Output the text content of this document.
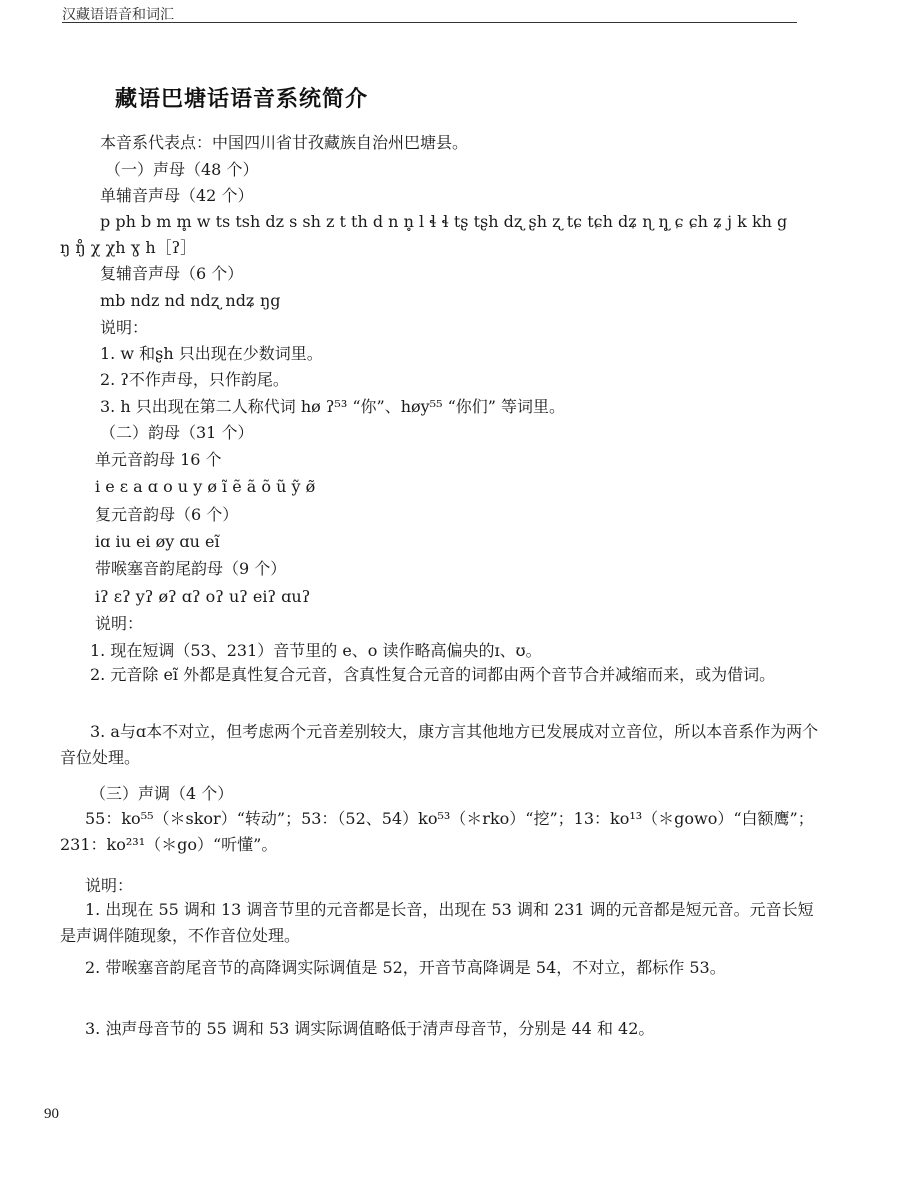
汉藏语语音和词汇
藏语巴塘话语音系统简介
本音系代表点：中国四川省甘孜藏族自治州巴塘县。
（一）声母（48 个）
单辅音声母（42 个）
p ph b m m̥ w ts tsh dz s sh z t th d n n̥ l ɬ ɬ tʂ tʂh dʐ ʂh ʐ tɕ tɕh dʑ ɳ ɳ̥ ɕ ɕh ʑ j k kh g
ŋ ŋ̊ χ χh ɣ h［ʔ］
复辅音声母（6 个）
mb ndz nd ndʐ ndʑ ŋg
说明：
1. w 和ʂh 只出现在少数词里。
2. ʔ不作声母，只作韵尾。
3. h 只出现在第二人称代词 hø ʔ⁵³ “你”、høy⁵⁵ “你们” 等词里。
（二）韵母（31 个）
单元音韵母 16 个
i e ɛ a ɑ o u y ø ĩ ẽ ã õ ũ ỹ ø̃
复元音韵母（6 个）
iɑ iu ei øy ɑu eĩ
带喉塞音韵尾韵母（9 个）
iʔ ɛʔ yʔ øʔ ɑʔ oʔ uʔ eiʔ ɑuʔ
说明：
1. 现在短调（53、231）音节里的 e、o 读作略高偏央的ɪ、ʊ。
2. 元音除 eĩ 外都是真性复合元音，含真性复合元音的词都由两个音节合并减缩而来，或为借词。
3. a与ɑ本不对立，但考虑两个元音差别较大，康方言其他地方已发展成对立音位，所以本音系作为两个音位处理。
（三）声调（4 个）
55：ko⁵⁵（＊skor）“转动”；53：（52、54）ko⁵³（＊rko）“挖”；13：ko¹³（＊gowo）“白额鹰”；231：ko²³¹（＊go）“听懂”。
说明：
1. 出现在 55 调和 13 调音节里的元音都是长音，出现在 53 调和 231 调的元音都是短元音。元音长短是声调伴随现象，不作音位处理。
2. 带喉塞音韵尾音节的高降调实际调值是 52，开音节高降调是 54，不对立，都标作 53。
3. 浊声母音节的 55 调和 53 调实际调值略低于清声母音节，分别是 44 和 42。
90
